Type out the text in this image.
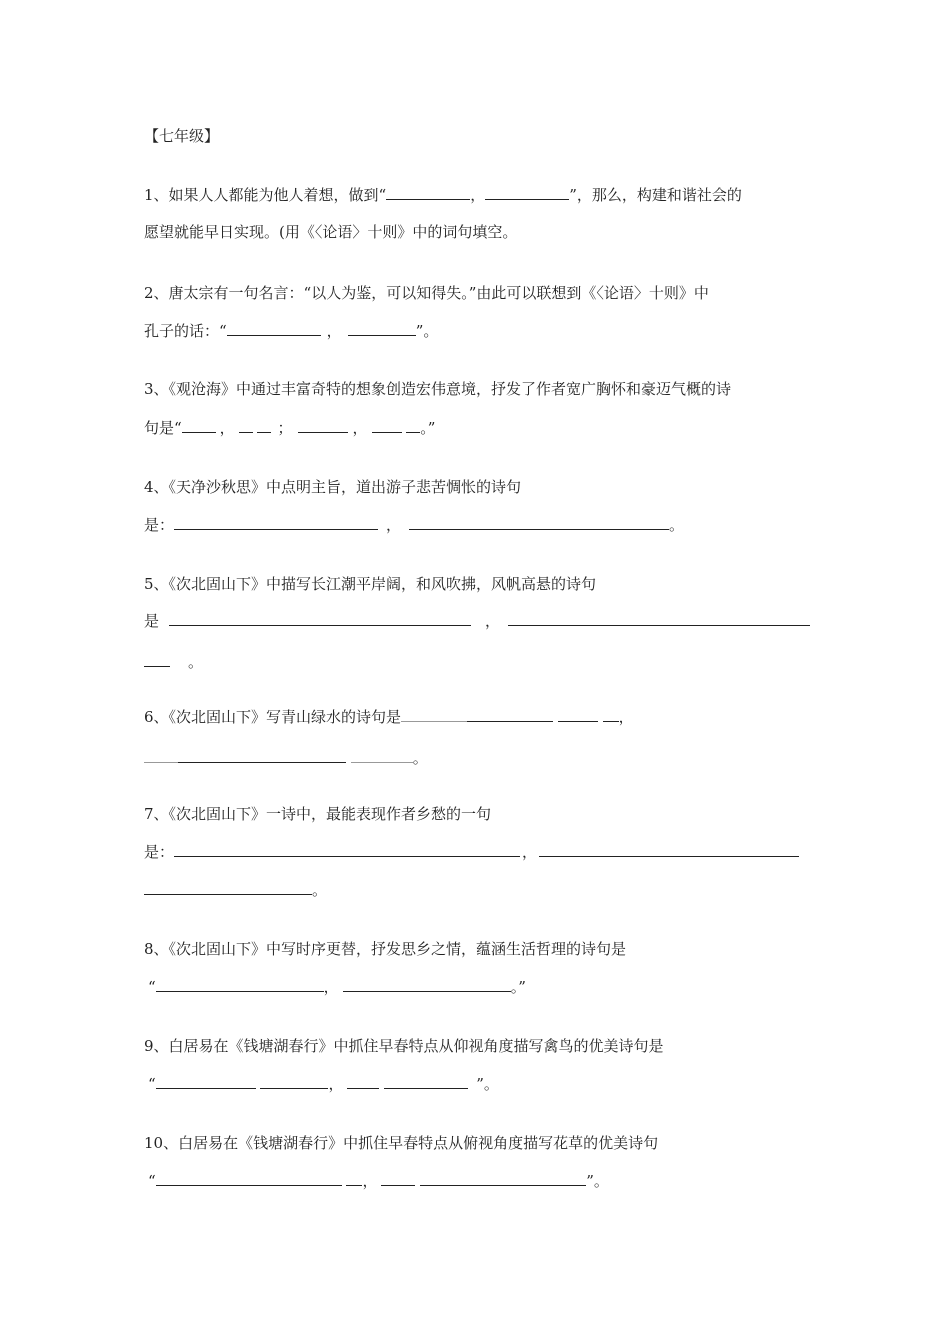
【七年级】
1、如果人人都能为他人着想，做到“	，	”，那么，构建和谐社会的
愿望就能早日实现。(用《〈论语〉十则》中的词句填空。
2、唐太宗有一句名言：“以人为鉴，可以知得失。”由此可以联想到《〈论语〉十则》中
孔子的话：“	，	”。
3、《观沧海》中通过丰富奇特的想象创造宏伟意境，抒发了作者宽广胸怀和豪迈气概的诗
句是“	，	；	，	。”
4、《天净沙秋思》中点明主旨，道出游子悲苦惆怅的诗句
是：	，	。
5、《次北固山下》中描写长江潮平岸阔，和风吹拂，风帆高悬的诗句
是	，
。
6、《次北固山下》写青山绿水的诗句是	，
。
7、《次北固山下》一诗中，最能表现作者乡愁的一句
是：	，
。
8、《次北固山下》中写时序更替，抒发思乡之情，蕴涵生活哲理的诗句是
“	，	。”
9、白居易在《钱塘湖春行》中抓住早春特点从仰视角度描写禽鸟的优美诗句是
“	，	”。
10、白居易在《钱塘湖春行》中抓住早春特点从俯视角度描写花草的优美诗句
“	，	”。
